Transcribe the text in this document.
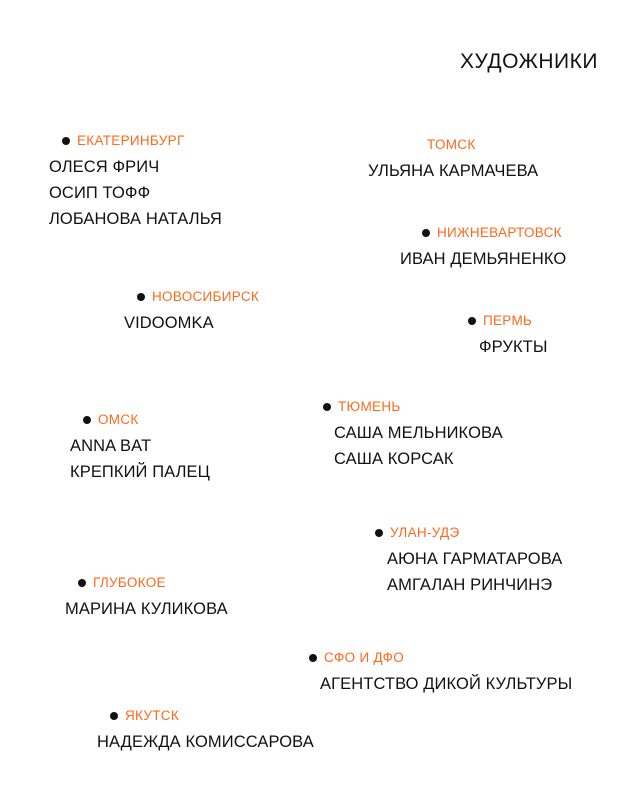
ХУДОЖНИКИ
ЕКАТЕРИНБУРГ
ОЛЕСЯ ФРИЧ
ОСИП ТОФФ
ЛОБАНОВА НАТАЛЬЯ
ТОМСК
УЛЬЯНА КАРМАЧЕВА
НИЖНЕВАРТОВСК
ИВАН ДЕМЬЯНЕНКО
НОВОСИБИРСК
VIDOOMKA	ПЕРМЬ
ФРУКТЫ
ОМСК
ANNA BAT
КРЕПКИЙ ПАЛЕЦ
ТЮМЕНЬ
САША МЕЛЬНИКОВА
САША КОРСАК
УЛАН-УДЭ
АЮНА ГАРМАТАРОВА
АМГАЛАН РИНЧИНЭ
ГЛУБОКОЕ
МАРИНА КУЛИКОВА
СФО И ДФО
АГЕНТСТВО ДИКОЙ КУЛЬТУРЫ
ЯКУТСК
НАДЕЖДА КОМИССАРОВА
